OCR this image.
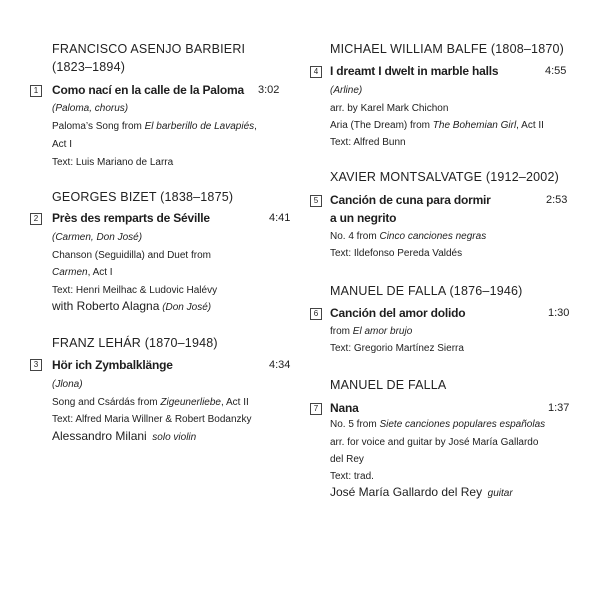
FRANCISCO ASENJO BARBIERI
(1823–1894)
1	Como nací en la calle de la Paloma 3:02
(Paloma, chorus)
Paloma’s Song from El barberillo de Lavapiés,
Act I
Text: Luis Mariano de Larra
GEORGES BIZET (1838–1875)
2	Près des remparts de Séville	4:41
(Carmen, Don José)
Chanson (Seguidilla) and Duet from
Carmen, Act I
Text: Henri Meilhac & Ludovic Halévy
with Roberto Alagna (Don José)
FRANZ LEHÁR (1870–1948)
3	Hör ich Zymbalklänge	4:34
(Jlona)
Song and Csárdás from Zigeunerliebe, Act II
Text: Alfred Maria Willner & Robert Bodanzky
Alessandro Milani solo violin
MICHAEL WILLIAM BALFE (1808–1870)
4 I dreamt I dwelt in marble halls	4:55
(Arline)
arr. by Karel Mark Chichon
Aria (The Dream) from The Bohemian Girl, Act II
Text: Alfred Bunn
XAVIER MONTSALVATGE (1912–2002)
5 Canción de cuna para dormir
a un negrito
2:53
No. 4 from Cinco canciones negras
Text: Ildefonso Pereda Valdés
MANUEL DE FALLA (1876–1946)
6 Canción del amor dolido	1:30
from El amor brujo
Text: Gregorio Martínez Sierra
MANUEL DE FALLA
7 Nana	1:37
No. 5 from Siete canciones populares españolas
arr. for voice and guitar by José María Gallardo
del Rey
Text: trad.
José María Gallardo del Rey guitar
